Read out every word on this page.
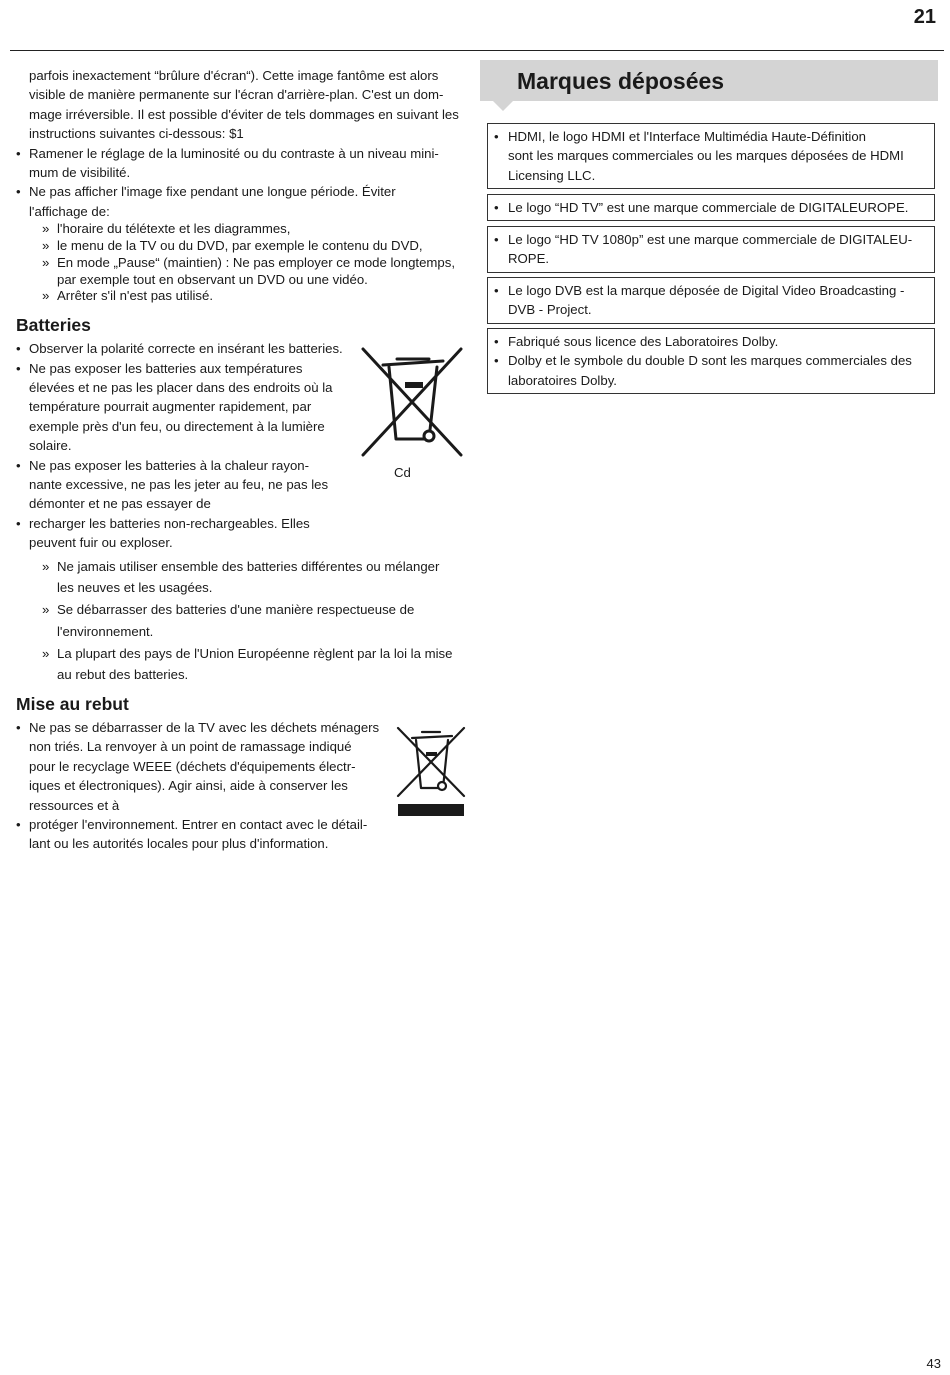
21

parfois inexactement “brûlure d'écran“). Cette image fantôme est alors
visible de manière permanente sur l'écran d'arrière-plan. C'est un dom-
mage irréversible. Il est possible d'éviter de tels dommages en suivant les
instructions suivantes ci-dessous: $1

• Ramener le réglage de la luminosité ou du contraste à un niveau mini-
mum de visibilité.

• Ne pas afficher l'image fixe pendant une longue période. Éviter
l'affichage de:

» l'horaire du télétexte et les diagrammes,

» le menu de la TV ou du DVD, par exemple le contenu du DVD,

» En mode „Pause“ (maintien) : Ne pas employer ce mode longtemps,
par exemple tout en observant un DVD ou une vidéo.

» Arrêter s'il n'est pas utilisé.

Batteries

• Observer la polarité correcte en insérant les batteries.

• Ne pas exposer les batteries aux températures
élevées et ne pas les placer dans des endroits où la
température pourrait augmenter rapidement, par
exemple près d'un feu, ou directement à la lumière
solaire.

• Ne pas exposer les batteries à la chaleur rayon-
nante excessive, ne pas les jeter au feu, ne pas les
démonter et ne pas essayer de

• recharger les batteries non-rechargeables. Elles
peuvent fuir ou exploser.

Cd

» Ne jamais utiliser ensemble des batteries différentes ou mélanger
les neuves et les usagées.

» Se débarrasser des batteries d'une manière respectueuse de
l'environnement.

» La plupart des pays de l'Union Européenne règlent par la loi la mise
au rebut des batteries.

Mise au rebut

• Ne pas se débarrasser de la TV avec les déchets ménagers
non triés. La renvoyer à un point de ramassage indiqué
pour le recyclage WEEE (déchets d'équipements électr-
iques et électroniques). Agir ainsi, aide à conserver les
ressources et à

• protéger l'environnement. Entrer en contact avec le détail-
lant ou les autorités locales pour plus d'information.

Marques déposées
• HDMI, le logo HDMI et l'Interface Multimédia Haute-Définition
sont les marques commerciales ou les marques déposées de HDMI
Licensing LLC.
• Le logo “HD TV” est une marque commerciale de DIGITALEUROPE.
• Le logo “HD TV 1080p” est une marque commerciale de DIGITALEU-
ROPE.
• Le logo DVB est la marque déposée de Digital Video Broadcasting -
DVB - Project.
• Fabriqué sous licence des Laboratoires Dolby.
• Dolby et le symbole du double D sont les marques commerciales des
laboratoires Dolby.
43
